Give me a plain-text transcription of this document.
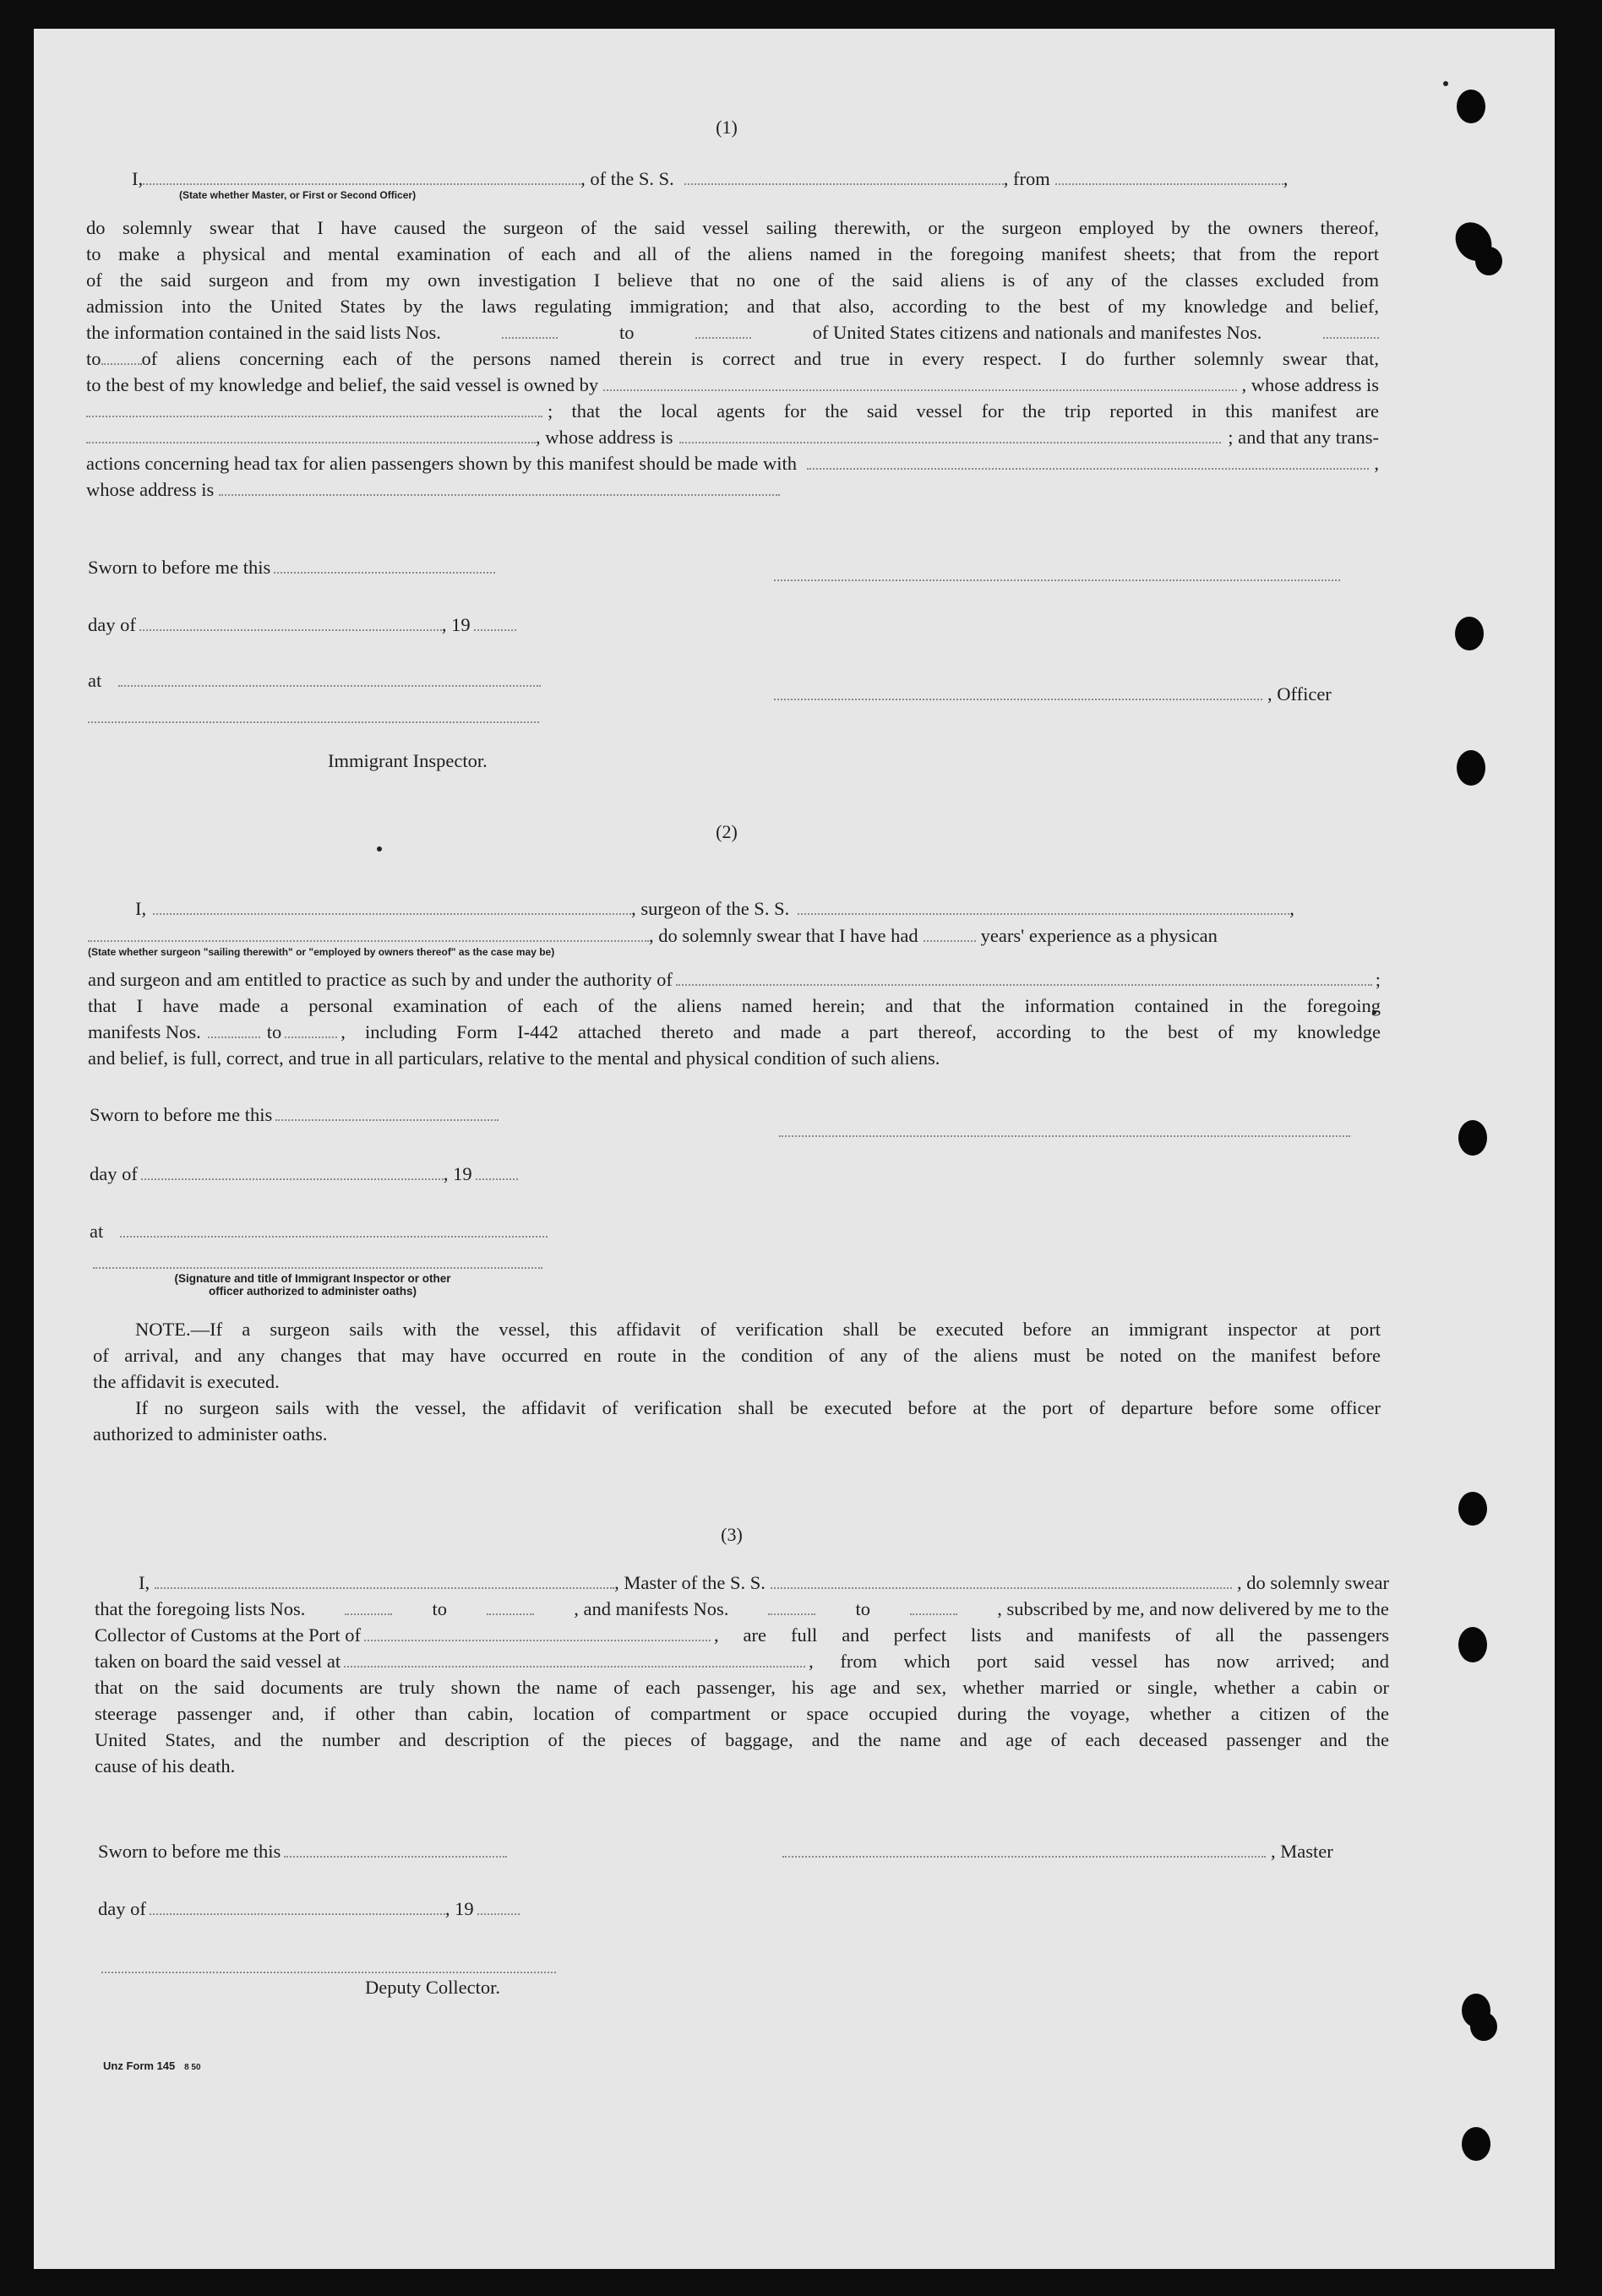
(1)
I,	, of the S. S.	, from	,
(State whether Master, or First or Second Officer)
do solemnly swear that I have caused the surgeon of the said vessel sailing therewith, or the surgeon employed by the owners thereof,
to make a physical and mental examination of each and all of the aliens named in the foregoing manifest sheets; that from the report
of the said surgeon and from my own investigation I believe that no one of the said aliens is of any of the classes excluded from
admission into the United States by the laws regulating immigration; and that also, according to the best of my knowledge and belief,
the information contained in the said lists Nos.	to	of United States citizens and nationals and manifestes Nos.
to of aliens concerning each of the persons named therein is correct and true in every respect. I do further solemnly swear that,
to the best of my knowledge and belief, the said vessel is owned by	, whose address is
; that the local agents for the said vessel for the trip reported in this manifest are
, whose address is	; and that any trans-
actions concerning head tax for alien passengers shown by this manifest should be made with	,
whose address is
Sworn to before me this
day of	, 19
at
, Officer
Immigrant Inspector.
(2)
I,	, surgeon of the S. S.	,
, do solemnly swear that I have had	years' experience as a physican
(State whether surgeon "sailing therewith" or "employed by owners thereof" as the case may be)
and surgeon and am entitled to practice as such by and under the authority of	;
that I have made a personal examination of each of the aliens named herein; and that the information contained in the foregoing
manifests Nos.	to	, including Form I-442 attached thereto and made a part thereof, according to the best of my knowledge
and belief, is full, correct, and true in all particulars, relative to the mental and physical condition of such aliens.
Sworn to before me this
day of	, 19
at
(Signature and title of Immigrant Inspector or other
officer authorized to administer oaths)
NOTE.—If a surgeon sails with the vessel, this affidavit of verification shall be executed before an immigrant inspector at port
of arrival, and any changes that may have occurred en route in the condition of any of the aliens must be noted on the manifest before
the affidavit is executed.
If no surgeon sails with the vessel, the affidavit of verification shall be executed before at the port of departure before some officer
authorized to administer oaths.
(3)
I,	, Master of the S. S.	, do solemnly swear
that the foregoing lists Nos.	to	, and manifests Nos.	to	, subscribed by me, and now delivered by me to the
Collector of Customs at the Port of	, are full and perfect lists and manifests of all the passengers
taken on board the said vessel at	, from which port said vessel has now arrived; and
that on the said documents are truly shown the name of each passenger, his age and sex, whether married or single, whether a cabin or
steerage passenger and, if other than cabin, location of compartment or space occupied during the voyage, whether a citizen of the
United States, and the number and description of the pieces of baggage, and the name and age of each deceased passenger and the
cause of his death.
Sworn to before me this	, Master
day of	, 19
Deputy Collector.
Unz Form 145 8 50
